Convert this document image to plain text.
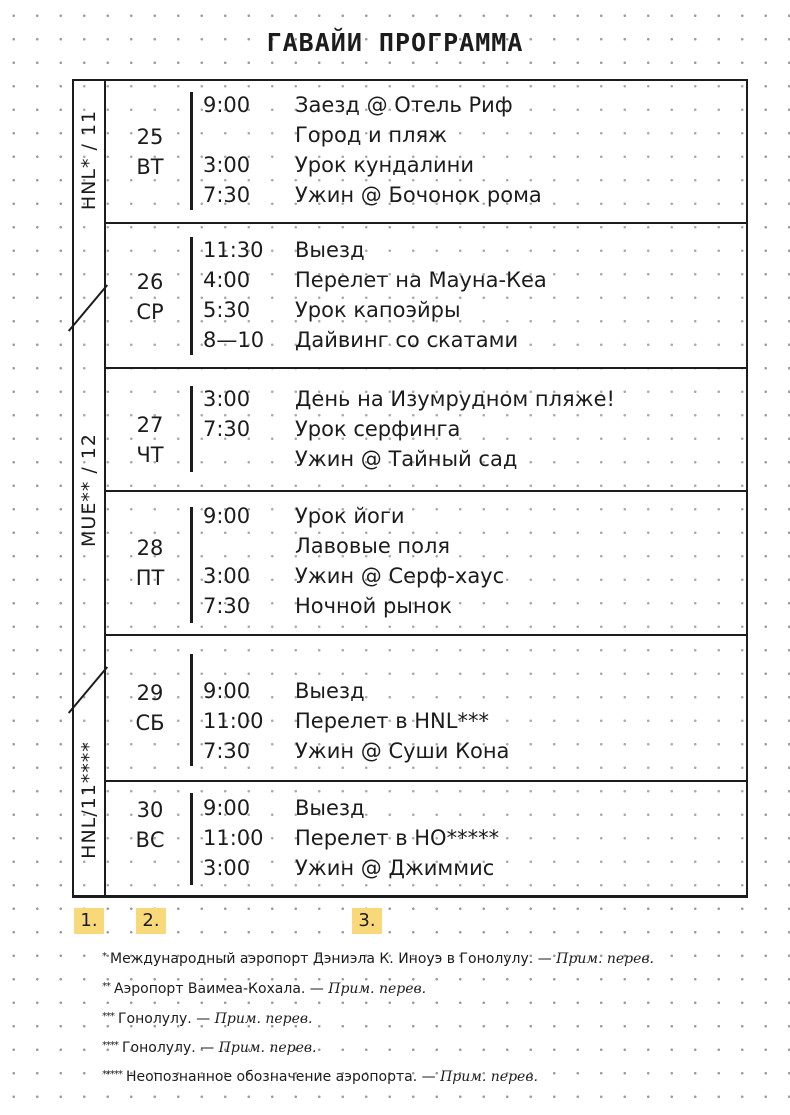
ГАВАЙИ ПРОГРАММА
HNL* / 11
MUE** / 12
HNL/11****
25
ВТ
9:00 Заезд @ Отель Риф
Город и пляж
3:00 Урок кундалини
7:30 Ужин @ Бочонок рома
26
СР
11:30 Выезд
4:00 Перелет на Мауна-Кеа
5:30 Урок капоэйры
8—10 Дайвинг со скатами
27
ЧТ
3:00 День на Изумрудном пляже!
7:30 Урок серфинга
Ужин @ Тайный сад
28
ПТ
9:00 Урок йоги
Лавовые поля
3:00 Ужин @ Серф-хаус
7:30 Ночной рынок
29
СБ
9:00 Выезд
11:00 Перелет в HNL***
7:30 Ужин @ Суши Кона
30
ВС
9:00 Выезд
11:00 Перелет в НО*****
3:00 Ужин @ Джиммис
1.	2.	3.
* Международный аэропорт Дэниэла К. Иноуэ в Гонолулу. — Прим. перев.
** Аэропорт Ваимеа-Кохала. — Прим. перев.
*** Гонолулу. — Прим. перев.
**** Гонолулу. — Прим. перев.
***** Неопознанное обозначение аэропорта. — Прим. перев.
